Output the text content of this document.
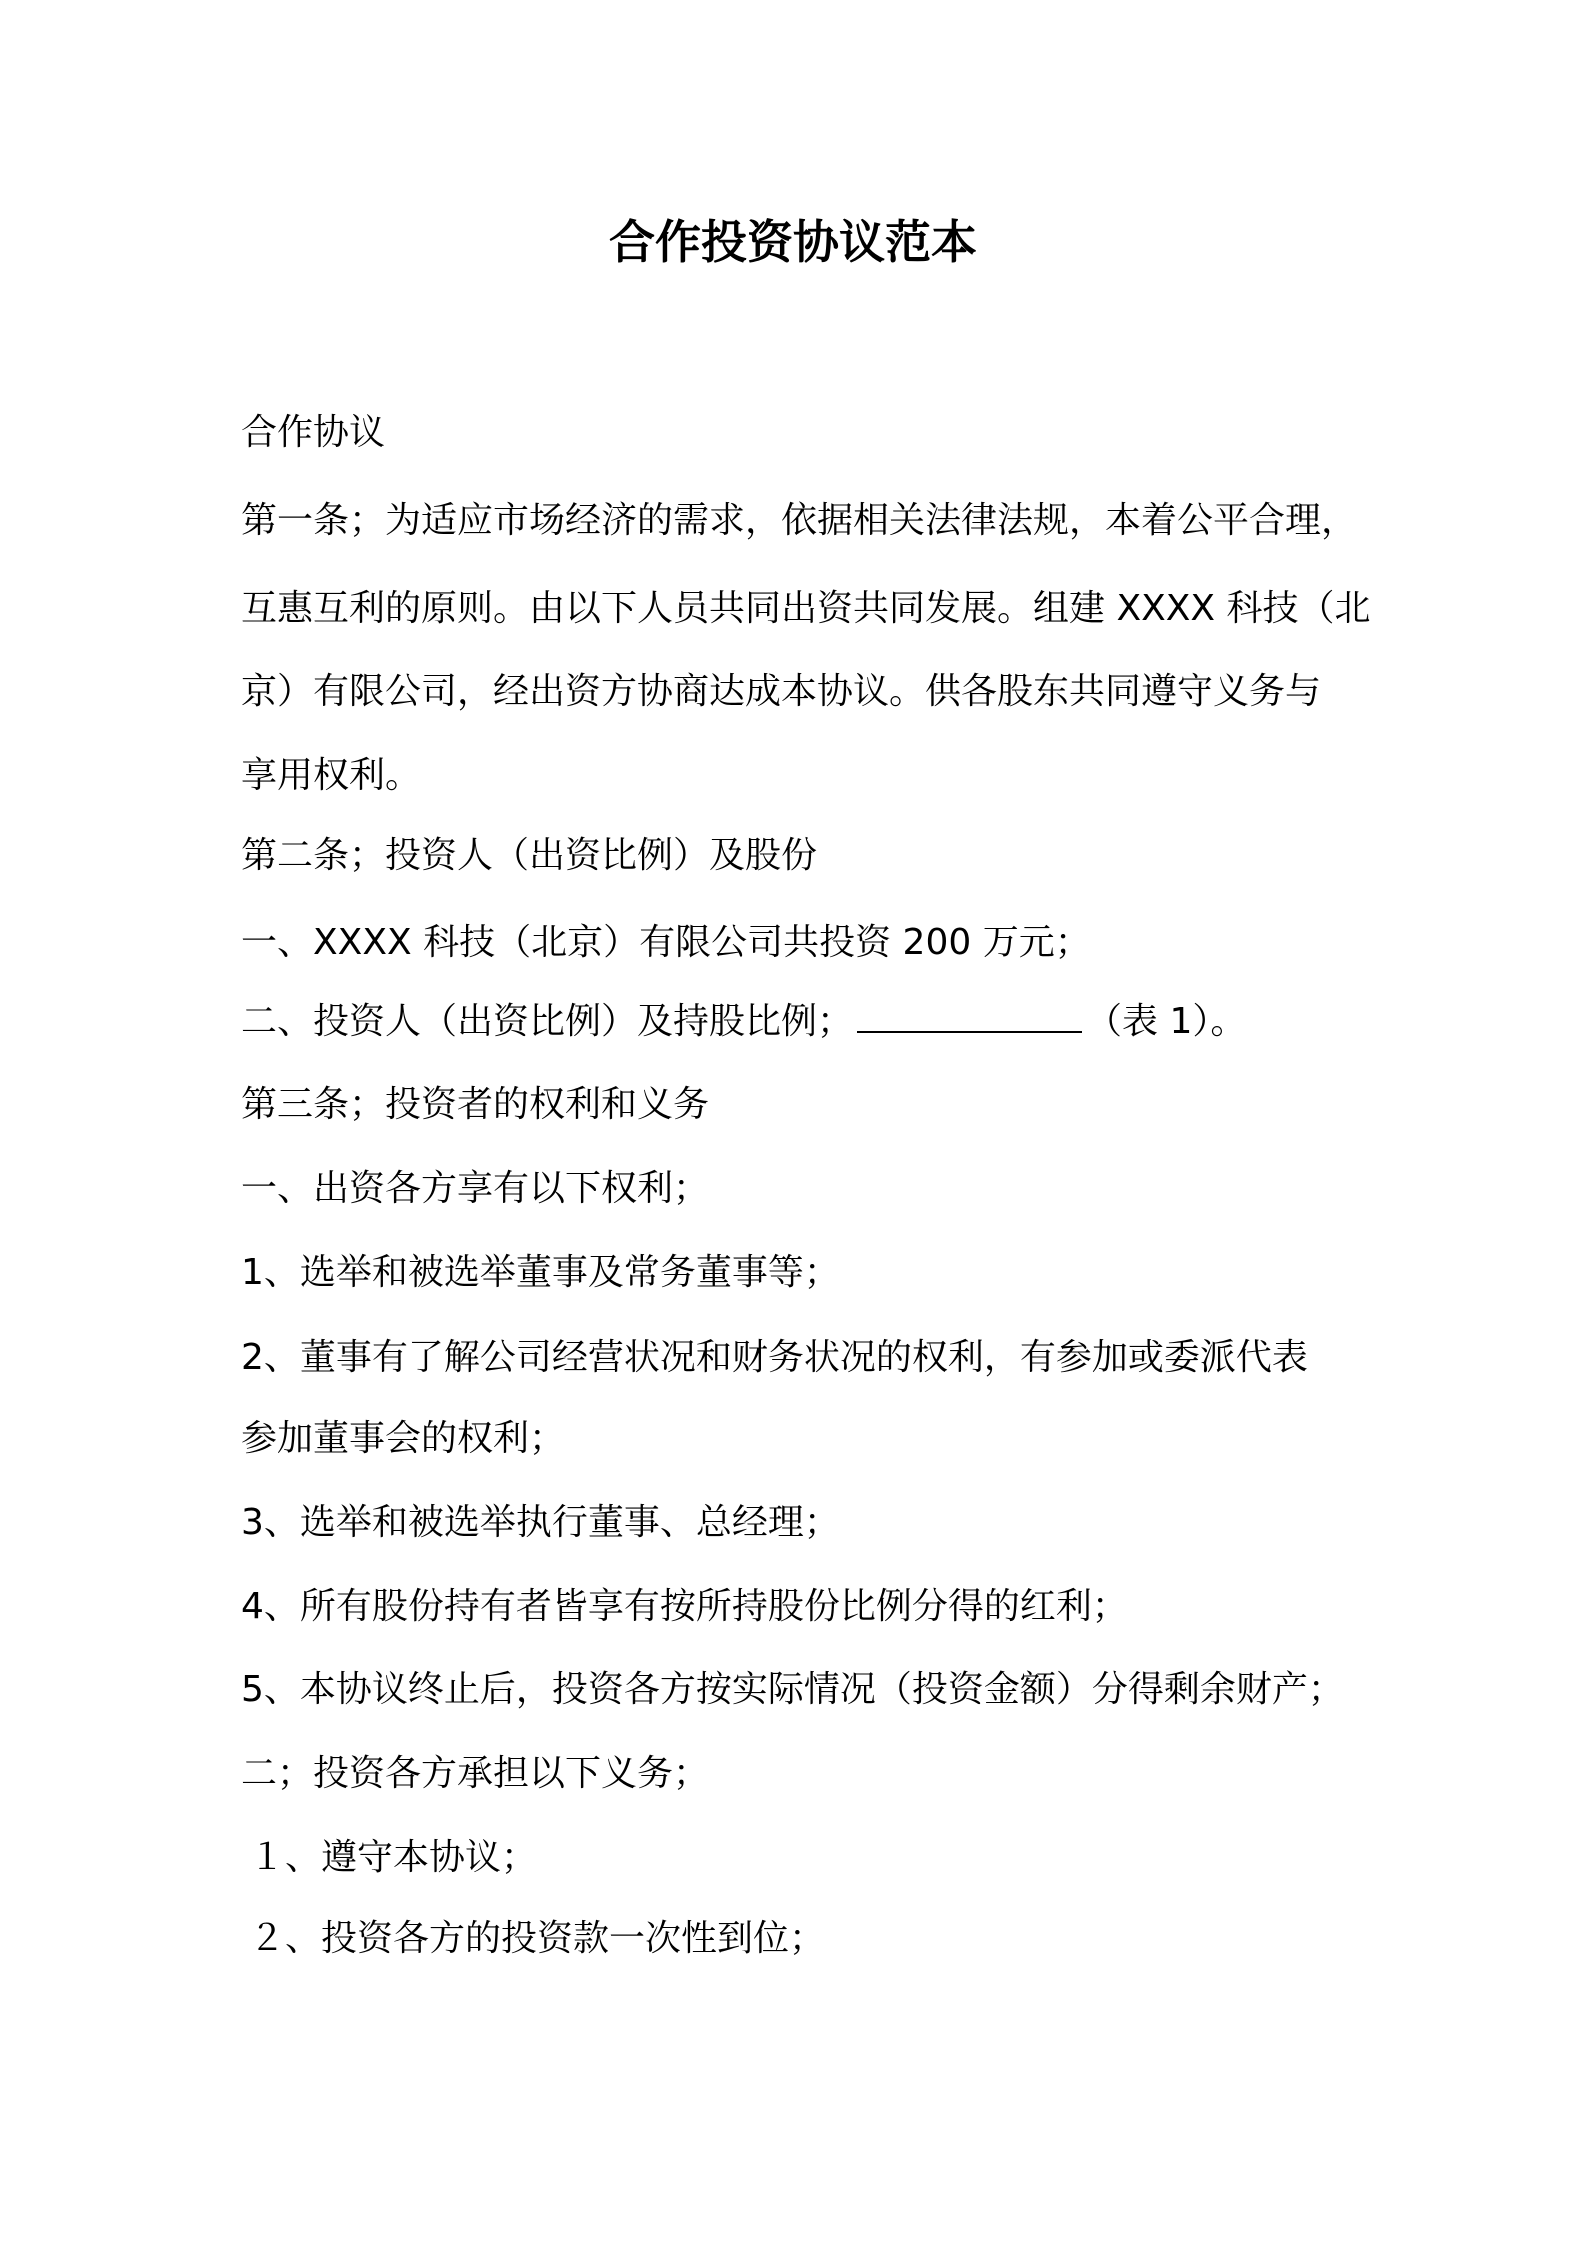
合作投资协议范本
合作协议
第一条；为适应市场经济的需求，依据相关法律法规，本着公平合理，
互惠互利的原则。由以下人员共同出资共同发展。组建 XXXX 科技（北
京）有限公司，经出资方协商达成本协议。供各股东共同遵守义务与
享用权利。
第二条；投资人（出资比例）及股份
一、XXXX 科技（北京）有限公司共投资 200 万元；
二、投资人（出资比例）及持股比例；	（表 1）。
第三条；投资者的权利和义务
一、出资各方享有以下权利；
1、选举和被选举董事及常务董事等；
2、董事有了解公司经营状况和财务状况的权利，有参加或委派代表
参加董事会的权利；
3、选举和被选举执行董事、总经理；
4、所有股份持有者皆享有按所持股份比例分得的红利；
5、本协议终止后，投资各方按实际情况（投资金额）分得剩余财产；
二；投资各方承担以下义务；
１、遵守本协议；
２、投资各方的投资款一次性到位；
